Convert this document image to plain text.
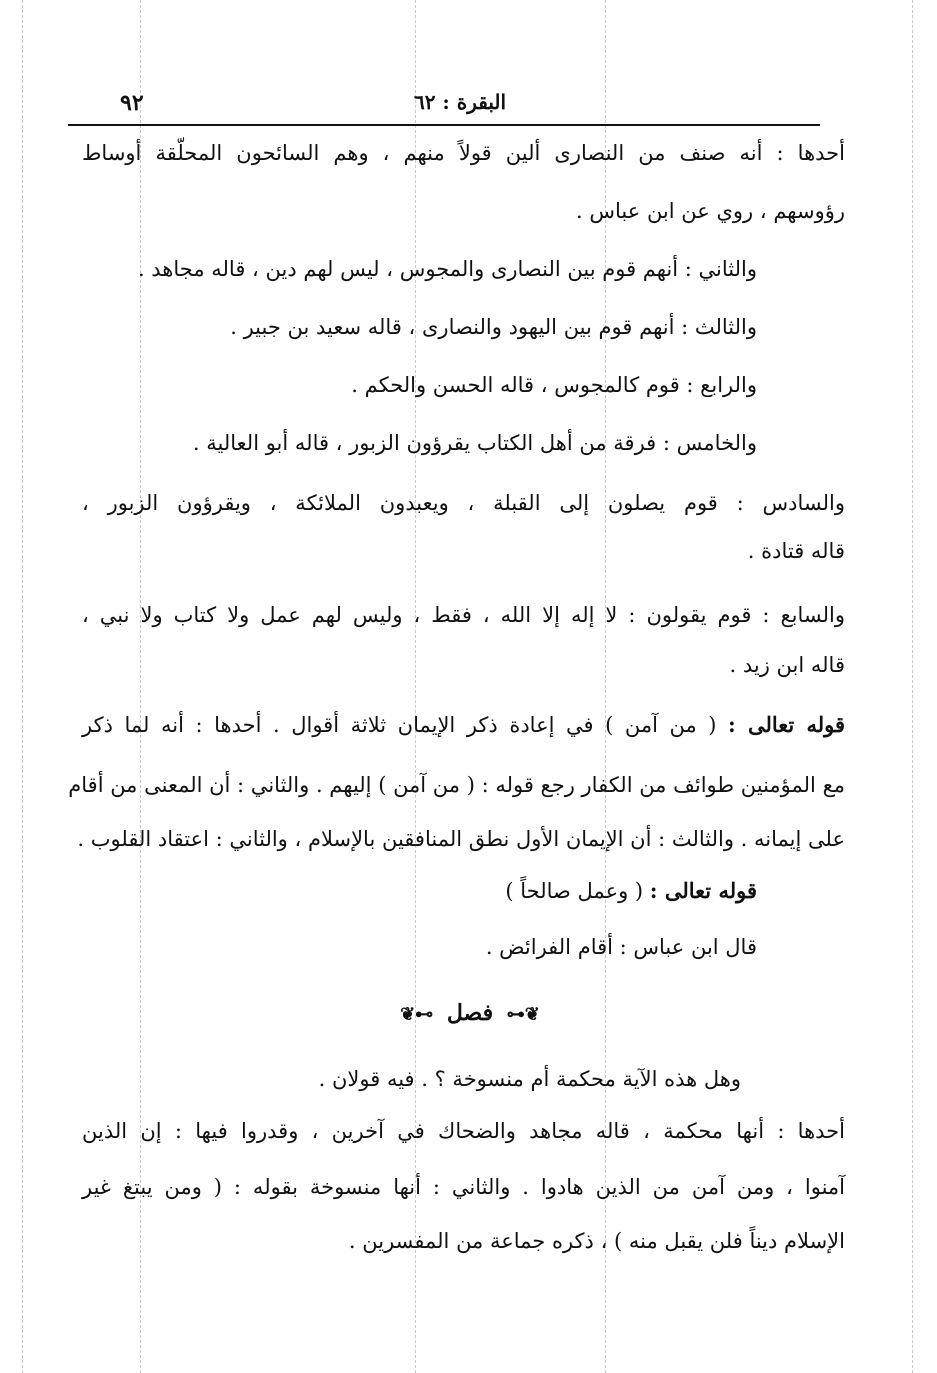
البقرة : ٦٢
٩٢
أحدها : أنه صنف من النصارى ألين قولاً منهم ، وهم السائحون المحلّقة أوساط
رؤوسهم ، روي عن ابن عباس .
والثاني : أنهم قوم بين النصارى والمجوس ، ليس لهم دين ، قاله مجاهد .
والثالث : أنهم قوم بين اليهود والنصارى ، قاله سعيد بن جبير .
والرابع : قوم كالمجوس ، قاله الحسن والحكم .
والخامس : فرقة من أهل الكتاب يقرؤون الزبور ، قاله أبو العالية .
والسادس : قوم يصلون إلى القبلة ، ويعبدون الملائكة ، ويقرؤون الزبور ،
قاله قتادة .
والسابع : قوم يقولون : لا إله إلا الله ، فقط ، وليس لهم عمل ولا كتاب ولا نبي ،
قاله ابن زيد .
قوله تعالى : ( من آمن ) في إعادة ذكر الإيمان ثلاثة أقوال . أحدها : أنه لما ذكر
مع المؤمنين طوائف من الكفار رجع قوله : ( من آمن ) إليهم . والثاني : أن المعنى من أقام
على إيمانه . والثالث : أن الإيمان الأول نطق المنافقين بالإسلام ، والثاني : اعتقاد القلوب .
قوله تعالى : ( وعمل صالحاً )
قال ابن عباس : أقام الفرائض .
❦⊷ فصل ⊶❦
وهل هذه الآية محكمة أم منسوخة ؟ . فيه قولان .
أحدها : أنها محكمة ، قاله مجاهد والضحاك في آخرين ، وقدروا فيها : إن الذين
آمنوا ، ومن آمن من الذين هادوا . والثاني : أنها منسوخة بقوله : ( ومن يبتغ غير
الإسلام ديناً فلن يقبل منه ) ، ذكره جماعة من المفسرين .
